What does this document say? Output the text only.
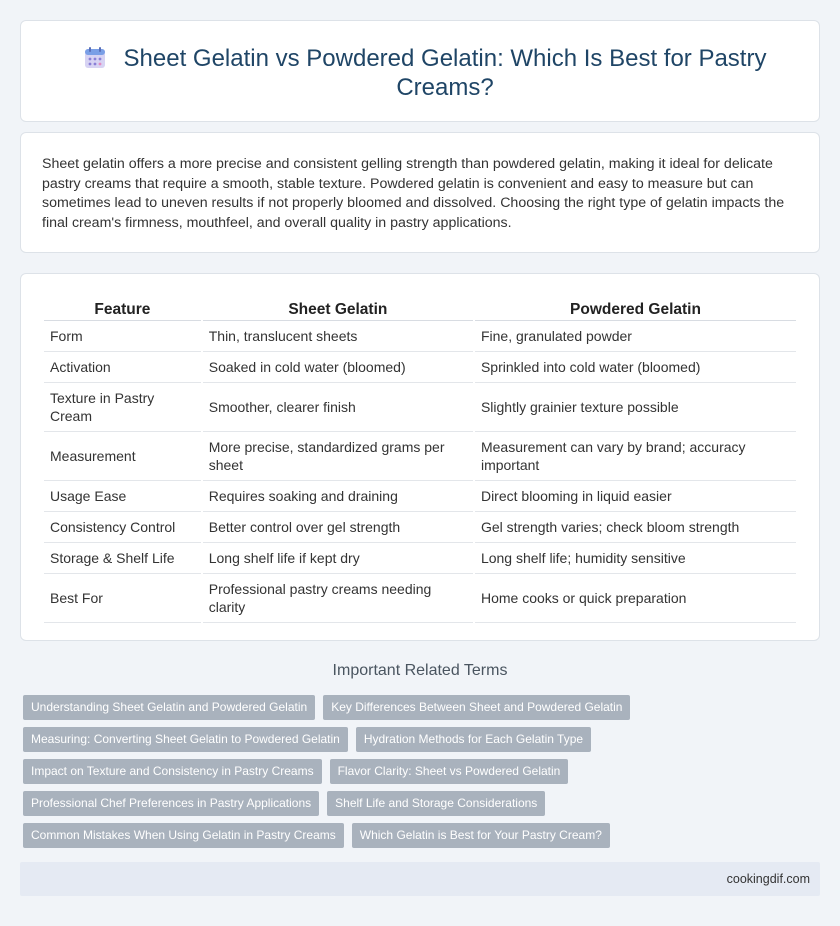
Sheet Gelatin vs Powdered Gelatin: Which Is Best for Pastry Creams?

Sheet gelatin offers a more precise and consistent gelling strength than powdered gelatin, making it ideal for delicate pastry creams that require a smooth, stable texture. Powdered gelatin is convenient and easy to measure but can sometimes lead to uneven results if not properly bloomed and dissolved. Choosing the right type of gelatin impacts the final cream's firmness, mouthfeel, and overall quality in pastry applications.

Feature	Sheet Gelatin	Powdered Gelatin
Form	Thin, translucent sheets	Fine, granulated powder
Activation	Soaked in cold water (bloomed)	Sprinkled into cold water (bloomed)
Texture in Pastry Cream	Smoother, clearer finish	Slightly grainier texture possible
Measurement	More precise, standardized grams per sheet	Measurement can vary by brand; accuracy important
Usage Ease	Requires soaking and draining	Direct blooming in liquid easier
Consistency Control	Better control over gel strength	Gel strength varies; check bloom strength
Storage & Shelf Life	Long shelf life if kept dry	Long shelf life; humidity sensitive
Best For	Professional pastry creams needing clarity	Home cooks or quick preparation
Important Related Terms
Understanding Sheet Gelatin and Powdered Gelatin	Key Differences Between Sheet and Powdered Gelatin
Measuring: Converting Sheet Gelatin to Powdered Gelatin	Hydration Methods for Each Gelatin Type
Impact on Texture and Consistency in Pastry Creams	Flavor Clarity: Sheet vs Powdered Gelatin
Professional Chef Preferences in Pastry Applications	Shelf Life and Storage Considerations
Common Mistakes When Using Gelatin in Pastry Creams	Which Gelatin is Best for Your Pastry Cream?
cookingdif.com
